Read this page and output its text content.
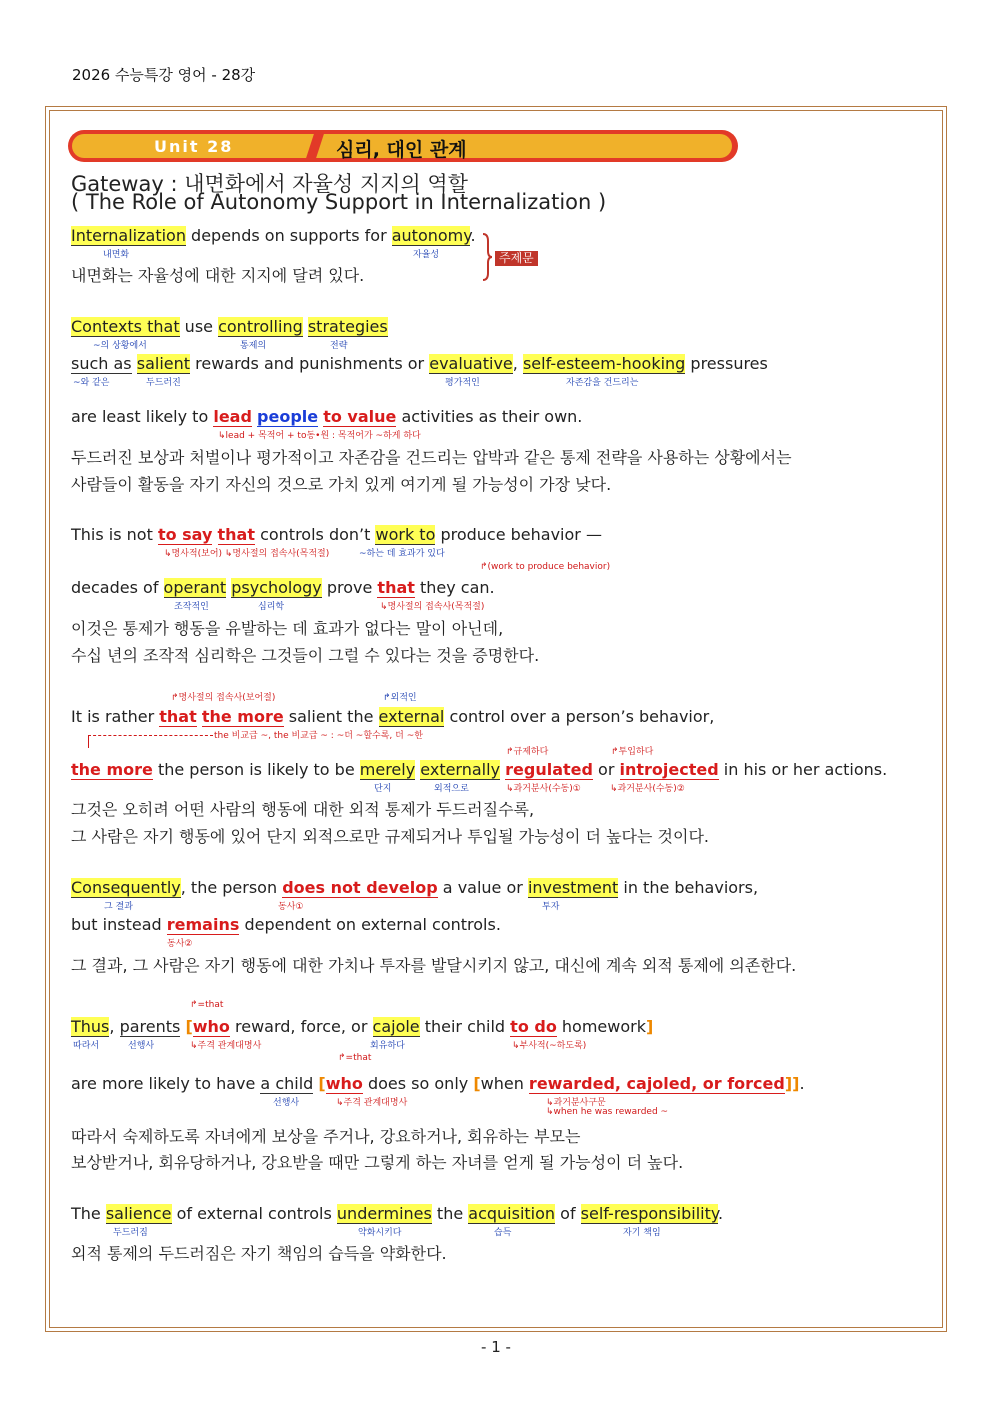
2026 수능특강 영어 - 28강
Unit 28	심리, 대인 관계
Gateway : 내면화에서 자율성 지지의 역할
( The Role of Autonomy Support in Internalization )
Internalization depends on supports for autonomy.
내면화	자율성	주제문
내면화는 자율성에 대한 지지에 달려 있다.
Contexts that use controlling strategies
~의 상황에서	통제의	전략
such as salient rewards and punishments or evaluative, self-esteem-hooking pressures
~와 같은	두드러진	평가적인	자존감을 건드리는
are least likely to lead people to value activities as their own.
↳lead + 목적어 + to동•원 : 목적어가 ~하게 하다
두드러진 보상과 처벌이나 평가적이고 자존감을 건드리는 압박과 같은 통제 전략을 사용하는 상황에서는
사람들이 활동을 자기 자신의 것으로 가치 있게 여기게 될 가능성이 가장 낮다.
This is not to say that controls don’t work to produce behavior —
↳명사적(보어) ↳명사절의 접속사(목적절)	~하는 데 효과가 있다
↱(work to produce behavior)
decades of operant psychology prove that they can.
조작적인	심리학	↳명사절의 접속사(목적절)
이것은 통제가 행동을 유발하는 데 효과가 없다는 말이 아닌데,
수십 년의 조작적 심리학은 그것들이 그럴 수 있다는 것을 증명한다.
↱명사절의 접속사(보어절)	↱외적인
It is rather that the more salient the external control over a person’s behavior,
the 비교급 ~, the 비교급 ~ : ~더 ~할수록, 더 ~한
↱규제하다	↱투입하다
the more the person is likely to be merely externally regulated or introjected in his or her actions.
단지	외적으로	↳과거분사(수동)①	↳과거분사(수동)②
그것은 오히려 어떤 사람의 행동에 대한 외적 통제가 두드러질수록,
그 사람은 자기 행동에 있어 단지 외적으로만 규제되거나 투입될 가능성이 더 높다는 것이다.
Consequently, the person does not develop a value or investment in the behaviors,
그 결과	동사①	투자
but instead remains dependent on external controls.
동사②
그 결과, 그 사람은 자기 행동에 대한 가치나 투자를 발달시키지 않고, 대신에 계속 외적 통제에 의존한다.
↱=that
Thus, parents [who reward, force, or cajole their child to do homework]
따라서	선행사	↳주격 관계대명사	회유하다	↳부사적(~하도록)
↱=that
are more likely to have a child [who does so only [when rewarded, cajoled, or forced]].
선행사	↳주격 관계대명사	↳과거분사구문
↳when he was rewarded ~
따라서 숙제하도록 자녀에게 보상을 주거나, 강요하거나, 회유하는 부모는
보상받거나, 회유당하거나, 강요받을 때만 그렇게 하는 자녀를 얻게 될 가능성이 더 높다.
The salience of external controls undermines the acquisition of self-responsibility.
두드러짐	약화시키다	습득	자기 책임
외적 통제의 두드러짐은 자기 책임의 습득을 약화한다.
- 1 -
